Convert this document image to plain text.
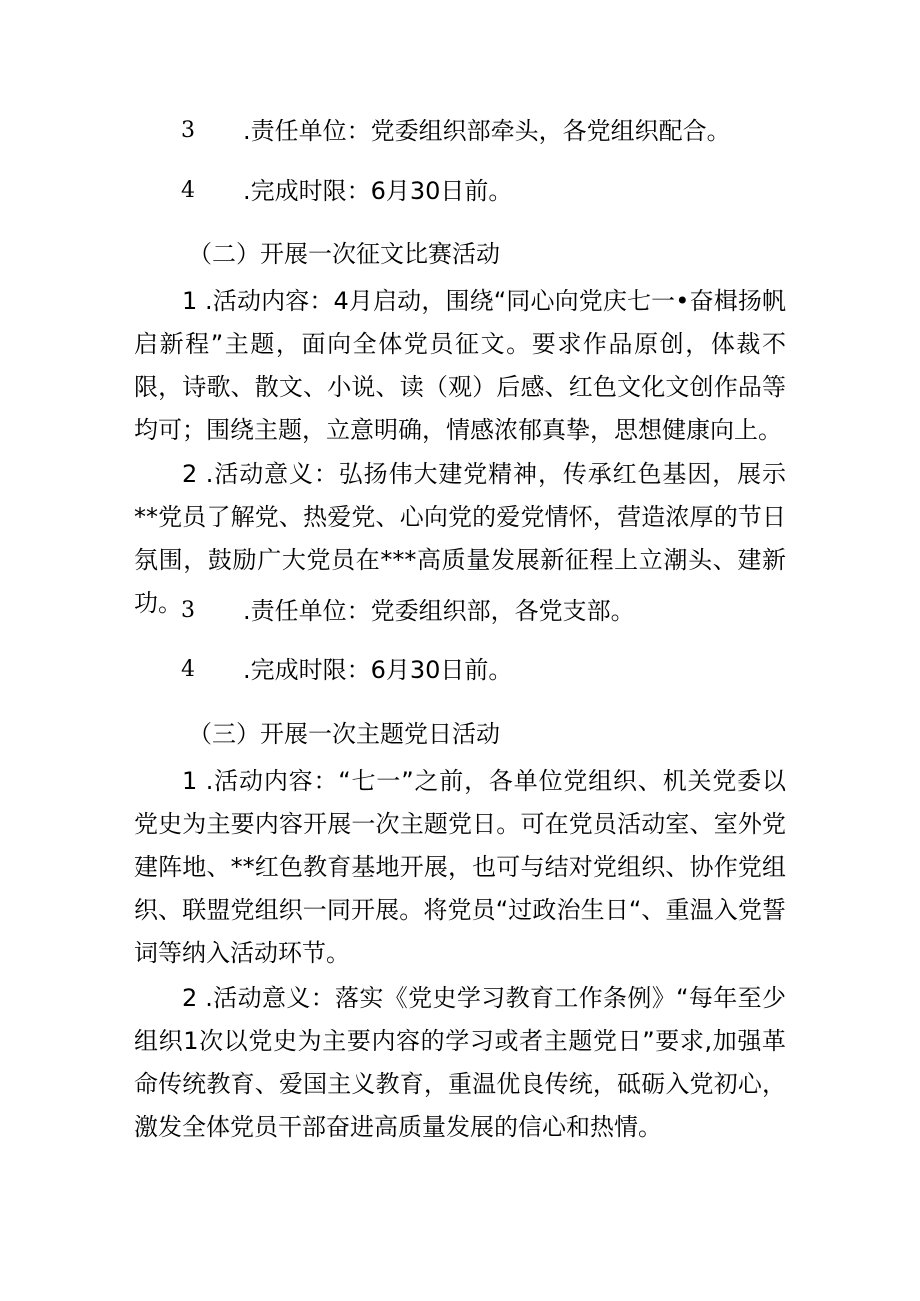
3 .责任单位：党委组织部牵头，各党组织配合。
4 .完成时限：6月30日前。
（二）开展一次征文比赛活动

1 .活动内容：4月启动，围绕“同心向党庆七一•奋楫扬帆启新程”主题，面向全体党员征文。要求作品原创，体裁不限，诗歌、散文、小说、读（观）后感、红色文化文创作品等均可；围绕主题，立意明确，情感浓郁真挚，思想健康向上。

2 .活动意义：弘扬伟大建党精神，传承红色基因，展示**党员了解党、热爱党、心向党的爱党情怀，营造浓厚的节日氛围，鼓励广大党员在***高质量发展新征程上立潮头、建新功。 3 .责任单位：党委组织部，各党支部。
4 .完成时限：6月30日前。
（三）开展一次主题党日活动

1 .活动内容：“七一”之前，各单位党组织、机关党委以党史为主要内容开展一次主题党日。可在党员活动室、室外党建阵地、**红色教育基地开展，也可与结对党组织、协作党组织、联盟党组织一同开展。将党员“过政治生日“、重温入党誓词等纳入活动环节。

2 .活动意义：落实《党史学习教育工作条例》“每年至少组织1次以党史为主要内容的学习或者主题党日”要求,加强革命传统教育、爱国主义教育，重温优良传统，砥砺入党初心，激发全体党员干部奋进高质量发展的信心和热情。
